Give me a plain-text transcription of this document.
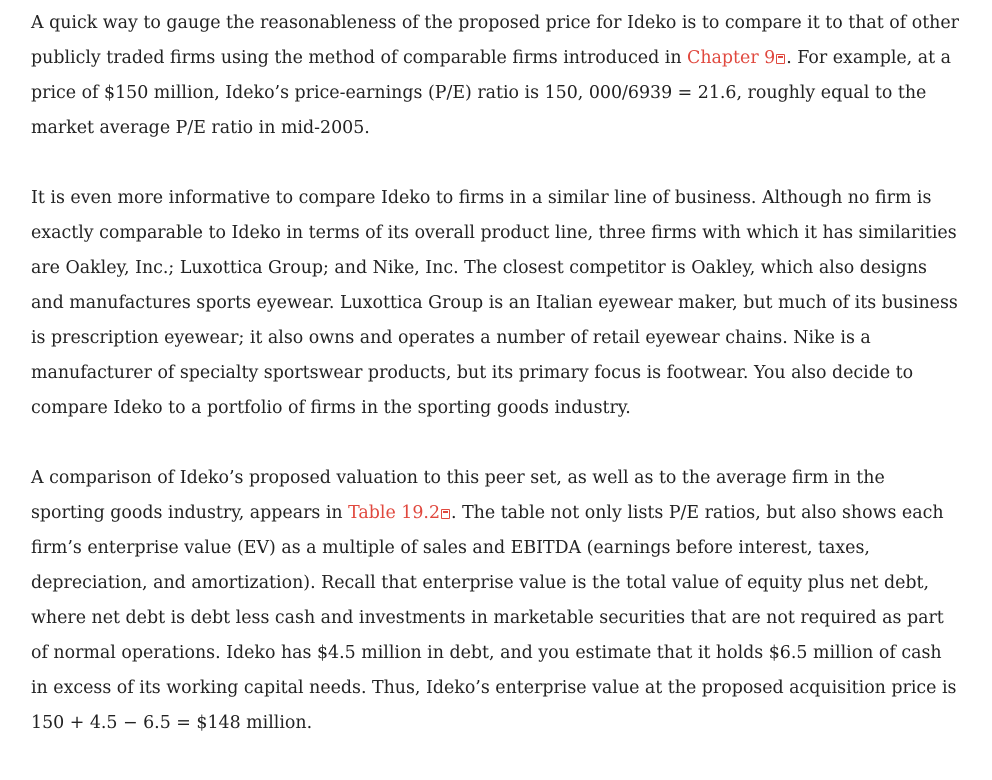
A quick way to gauge the reasonableness of the proposed price for Ideko is to compare it to that of other publicly traded firms using the method of comparable firms introduced in Chapter 9 . For example, at a price of $150 million, Ideko’s price-earnings (P/E) ratio is 150, 000/6939 = 21.6, roughly equal to the market average P/E ratio in mid-2005.

It is even more informative to compare Ideko to firms in a similar line of business. Although no firm is exactly comparable to Ideko in terms of its overall product line, three firms with which it has similarities are Oakley, Inc.; Luxottica Group; and Nike, Inc. The closest competitor is Oakley, which also designs and manufactures sports eyewear. Luxottica Group is an Italian eyewear maker, but much of its business is prescription eyewear; it also owns and operates a number of retail eyewear chains. Nike is a manufacturer of specialty sportswear products, but its primary focus is footwear. You also decide to compare Ideko to a portfolio of firms in the sporting goods industry.

A comparison of Ideko’s proposed valuation to this peer set, as well as to the average firm in the sporting goods industry, appears in Table 19.2 . The table not only lists P/E ratios, but also shows each firm’s enterprise value (EV) as a multiple of sales and EBITDA (earnings before interest, taxes, depreciation, and amortization). Recall that enterprise value is the total value of equity plus net debt, where net debt is debt less cash and investments in marketable securities that are not required as part of normal operations. Ideko has $4.5 million in debt, and you estimate that it holds $6.5 million of cash in excess of its working capital needs. Thus, Ideko’s enterprise value at the proposed acquisition price is 150 + 4.5 − 6.5 = $148 million.
